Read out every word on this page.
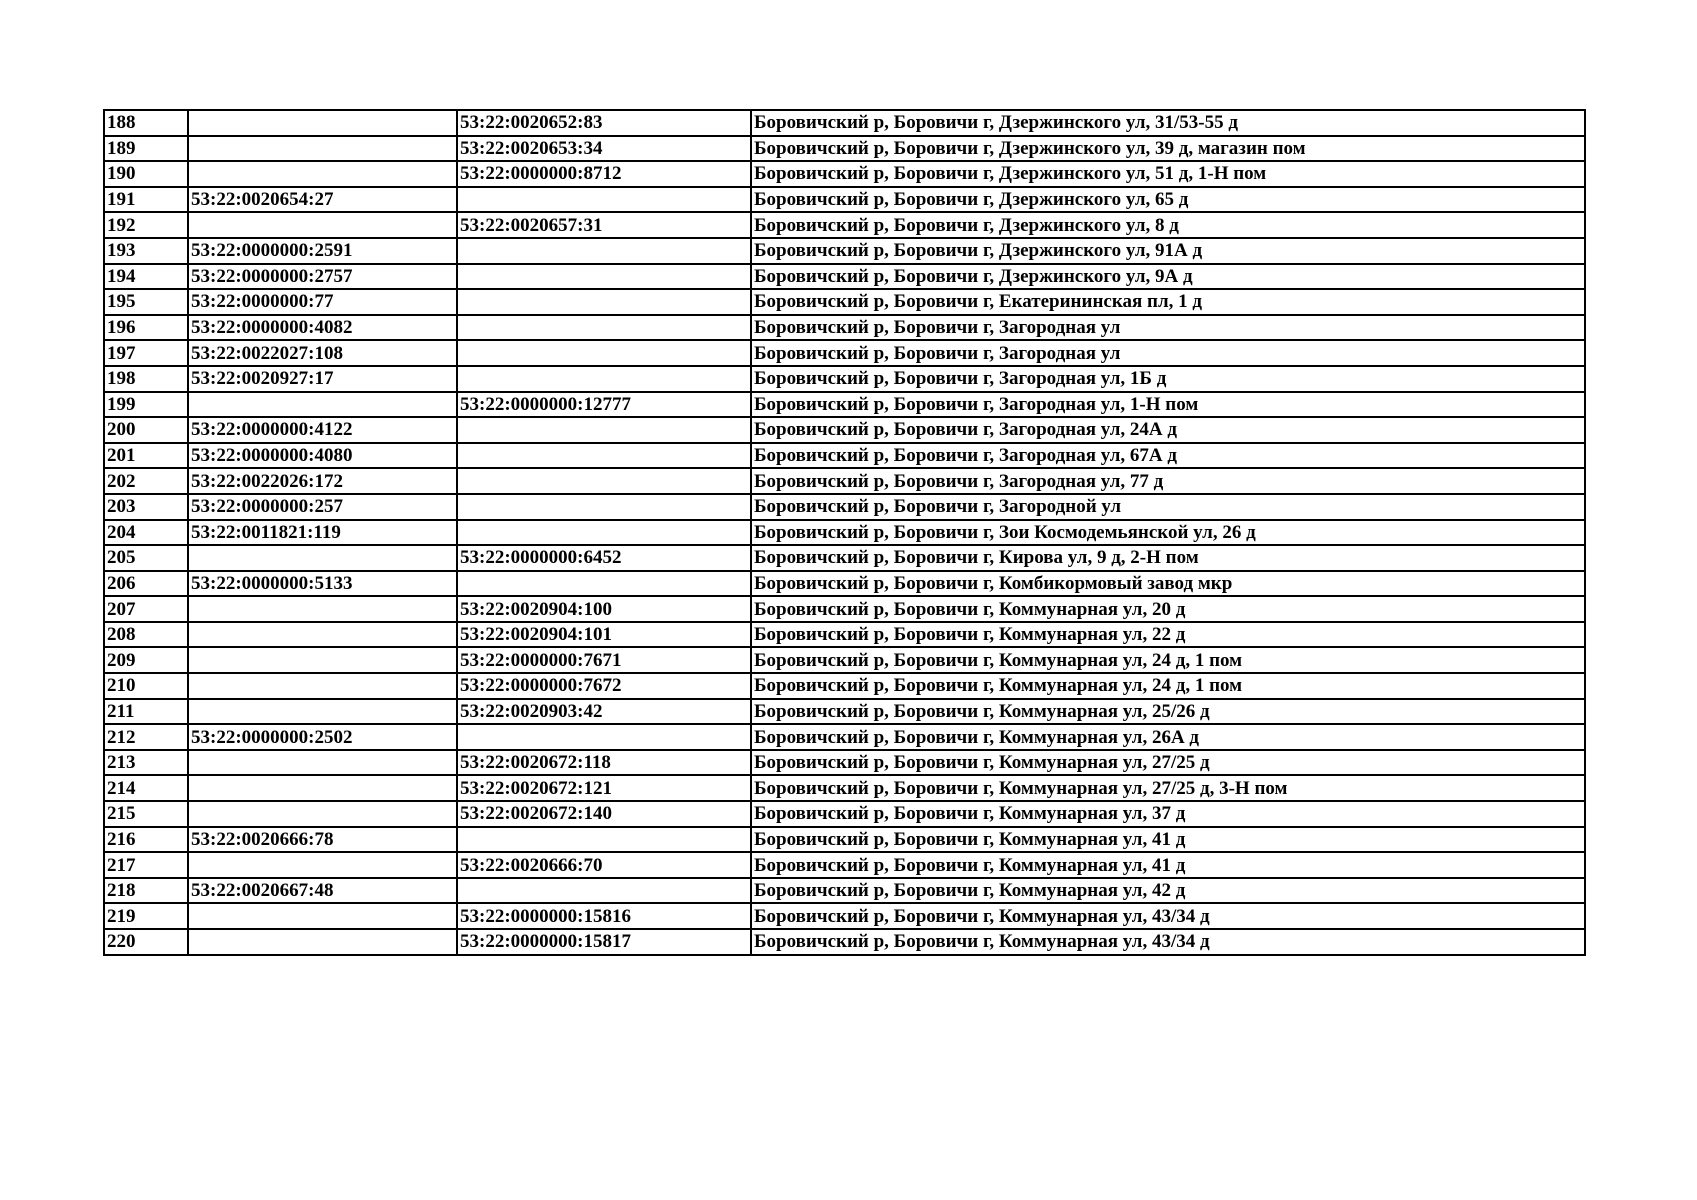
188		53:22:0020652:83	Боровичский р, Боровичи г, Дзержинского ул, 31/53-55 д
189		53:22:0020653:34	Боровичский р, Боровичи г, Дзержинского ул, 39 д, магазин пом
190		53:22:0000000:8712	Боровичский р, Боровичи г, Дзержинского ул, 51 д, 1-Н пом
191	53:22:0020654:27		Боровичский р, Боровичи г, Дзержинского ул, 65 д
192		53:22:0020657:31	Боровичский р, Боровичи г, Дзержинского ул, 8 д
193	53:22:0000000:2591		Боровичский р, Боровичи г, Дзержинского ул, 91А д
194	53:22:0000000:2757		Боровичский р, Боровичи г, Дзержинского ул, 9А д
195	53:22:0000000:77		Боровичский р, Боровичи г, Екатерининская пл, 1 д
196	53:22:0000000:4082		Боровичский р, Боровичи г, Загородная ул
197	53:22:0022027:108		Боровичский р, Боровичи г, Загородная ул
198	53:22:0020927:17		Боровичский р, Боровичи г, Загородная ул, 1Б д
199		53:22:0000000:12777	Боровичский р, Боровичи г, Загородная ул, 1-Н пом
200	53:22:0000000:4122		Боровичский р, Боровичи г, Загородная ул, 24А д
201	53:22:0000000:4080		Боровичский р, Боровичи г, Загородная ул, 67А д
202	53:22:0022026:172		Боровичский р, Боровичи г, Загородная ул, 77 д
203	53:22:0000000:257		Боровичский р, Боровичи г, Загородной ул
204	53:22:0011821:119		Боровичский р, Боровичи г, Зои Космодемьянской ул, 26 д
205		53:22:0000000:6452	Боровичский р, Боровичи г, Кирова ул, 9 д, 2-Н пом
206	53:22:0000000:5133		Боровичский р, Боровичи г, Комбикормовый завод мкр
207		53:22:0020904:100	Боровичский р, Боровичи г, Коммунарная ул, 20 д
208		53:22:0020904:101	Боровичский р, Боровичи г, Коммунарная ул, 22 д
209		53:22:0000000:7671	Боровичский р, Боровичи г, Коммунарная ул, 24 д, 1 пом
210		53:22:0000000:7672	Боровичский р, Боровичи г, Коммунарная ул, 24 д, 1 пом
211		53:22:0020903:42	Боровичский р, Боровичи г, Коммунарная ул, 25/26 д
212	53:22:0000000:2502		Боровичский р, Боровичи г, Коммунарная ул, 26А д
213		53:22:0020672:118	Боровичский р, Боровичи г, Коммунарная ул, 27/25 д
214		53:22:0020672:121	Боровичский р, Боровичи г, Коммунарная ул, 27/25 д, 3-Н пом
215		53:22:0020672:140	Боровичский р, Боровичи г, Коммунарная ул, 37 д
216	53:22:0020666:78		Боровичский р, Боровичи г, Коммунарная ул, 41 д
217		53:22:0020666:70	Боровичский р, Боровичи г, Коммунарная ул, 41 д
218	53:22:0020667:48		Боровичский р, Боровичи г, Коммунарная ул, 42 д
219		53:22:0000000:15816	Боровичский р, Боровичи г, Коммунарная ул, 43/34 д
220		53:22:0000000:15817	Боровичский р, Боровичи г, Коммунарная ул, 43/34 д
